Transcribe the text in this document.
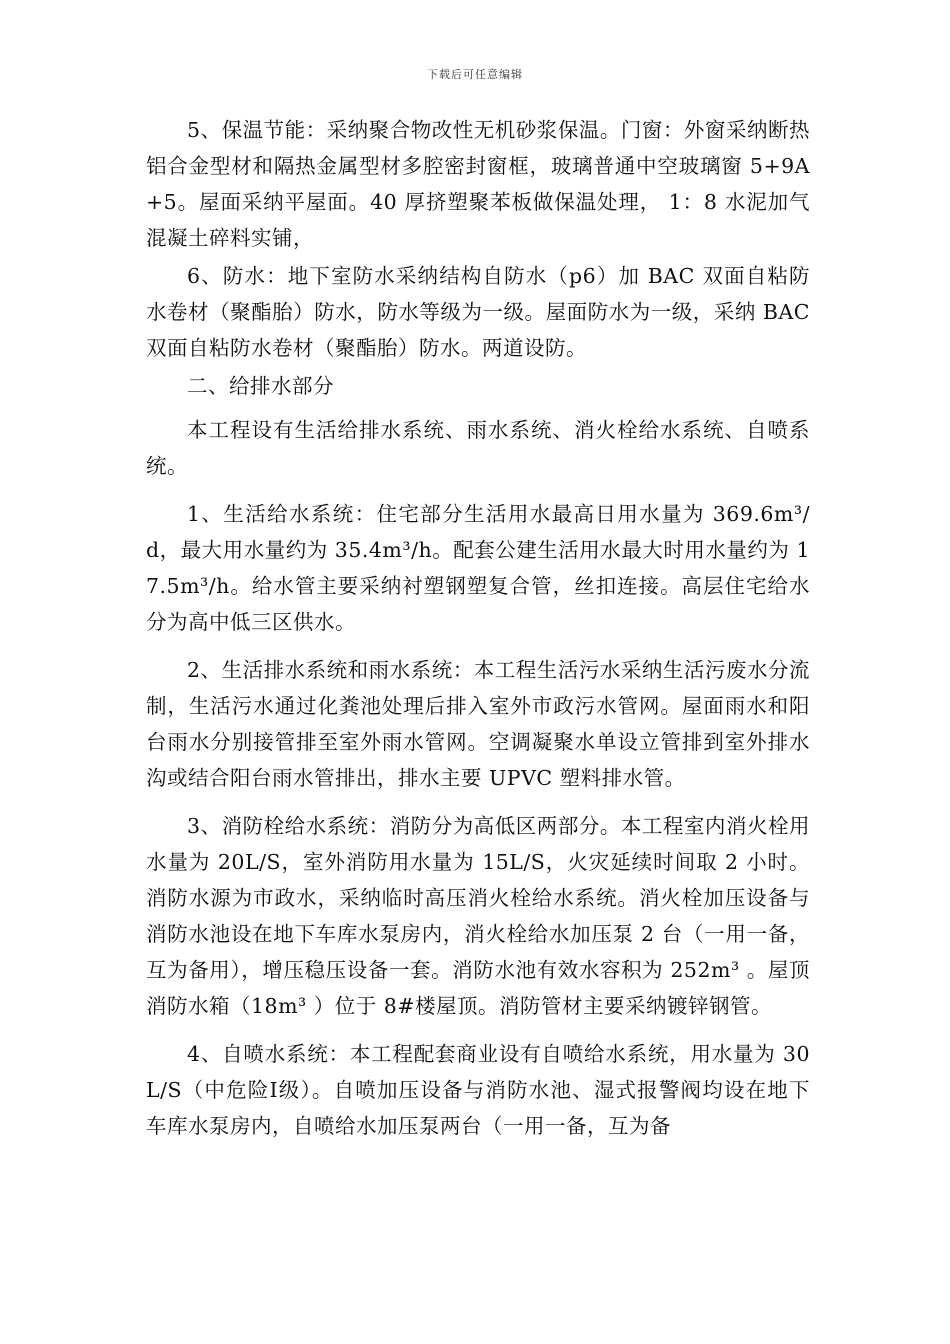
下载后可任意编辑

5、保温节能：采纳聚合物改性无机砂浆保温。门窗：外窗采纳断热铝合金型材和隔热金属型材多腔密封窗框，玻璃普通中空玻璃窗 5+9A+5。屋面采纳平屋面。40 厚挤塑聚苯板做保温处理， 1：8 水泥加气混凝土碎料实铺，

6、防水：地下室防水采纳结构自防水（p6）加 BAC 双面自粘防水卷材（聚酯胎）防水，防水等级为一级。屋面防水为一级，采纳 BAC 双面自粘防水卷材（聚酯胎）防水。两道设防。

二、给排水部分

本工程设有生活给排水系统、雨水系统、消火栓给水系统、自喷系统。

1、生活给水系统：住宅部分生活用水最高日用水量为 369.6m³/d，最大用水量约为 35.4m³/h。配套公建生活用水最大时用水量约为 17.5m³/h。给水管主要采纳衬塑钢塑复合管，丝扣连接。高层住宅给水分为高中低三区供水。

2、生活排水系统和雨水系统：本工程生活污水采纳生活污废水分流制，生活污水通过化粪池处理后排入室外市政污水管网。屋面雨水和阳台雨水分别接管排至室外雨水管网。空调凝聚水单设立管排到室外排水沟或结合阳台雨水管排出，排水主要 UPVC 塑料排水管。

3、消防栓给水系统：消防分为高低区两部分。本工程室内消火栓用水量为 20L/S，室外消防用水量为 15L/S，火灾延续时间取 2 小时。消防水源为市政水，采纳临时高压消火栓给水系统。消火栓加压设备与消防水池设在地下车库水泵房内，消火栓给水加压泵 2 台（一用一备，互为备用），增压稳压设备一套。消防水池有效水容积为 252m³ 。屋顶消防水箱（18m³ ）位于 8#楼屋顶。消防管材主要采纳镀锌钢管。

4、自喷水系统：本工程配套商业设有自喷给水系统，用水量为 30L/S（中危险Ⅰ级）。自喷加压设备与消防水池、湿式报警阀均设在地下车库水泵房内，自喷给水加压泵两台（一用一备，互为备
